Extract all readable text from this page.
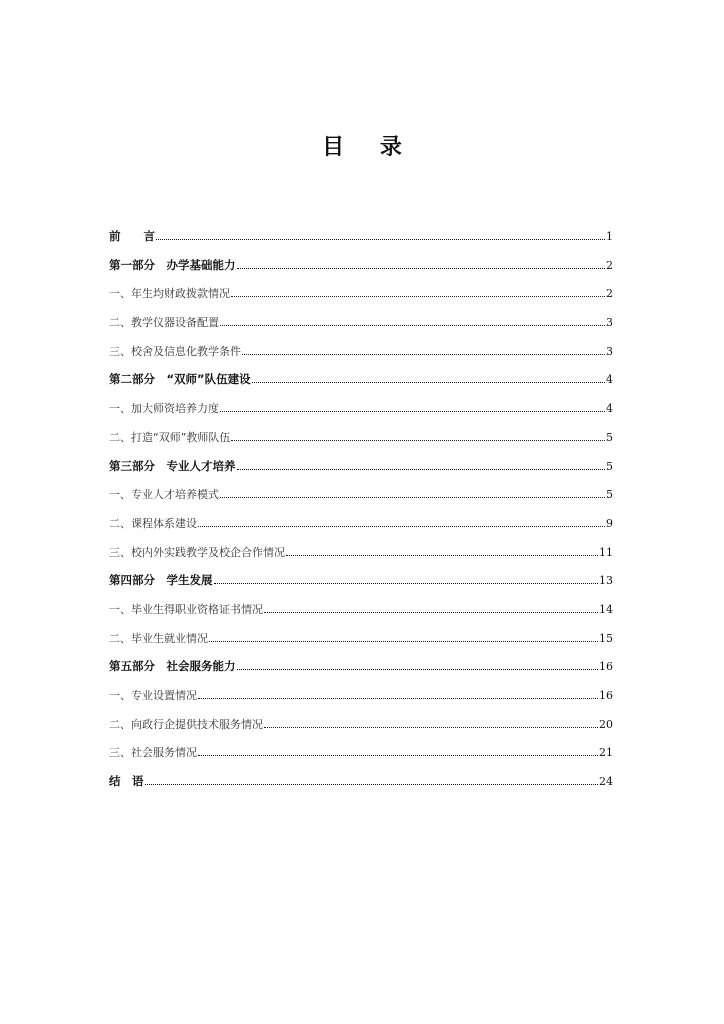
目 录
前　　言	1
第一部分　办学基础能力	2
一、年生均财政拨款情况	2
二、教学仪器设备配置	3
三、校舍及信息化教学条件	3
第二部分　“双师”队伍建设	4
一、加大师资培养力度	4
二、打造“双师”教师队伍	5
第三部分　专业人才培养	5
一、专业人才培养模式	5
二、课程体系建设	9
三、校内外实践教学及校企合作情况	11
第四部分　学生发展	13
一、毕业生得职业资格证书情况	14
二、毕业生就业情况	15
第五部分　社会服务能力	16
一、专业设置情况	16
二、向政行企提供技术服务情况	20
三、社会服务情况	21
结　语	24
